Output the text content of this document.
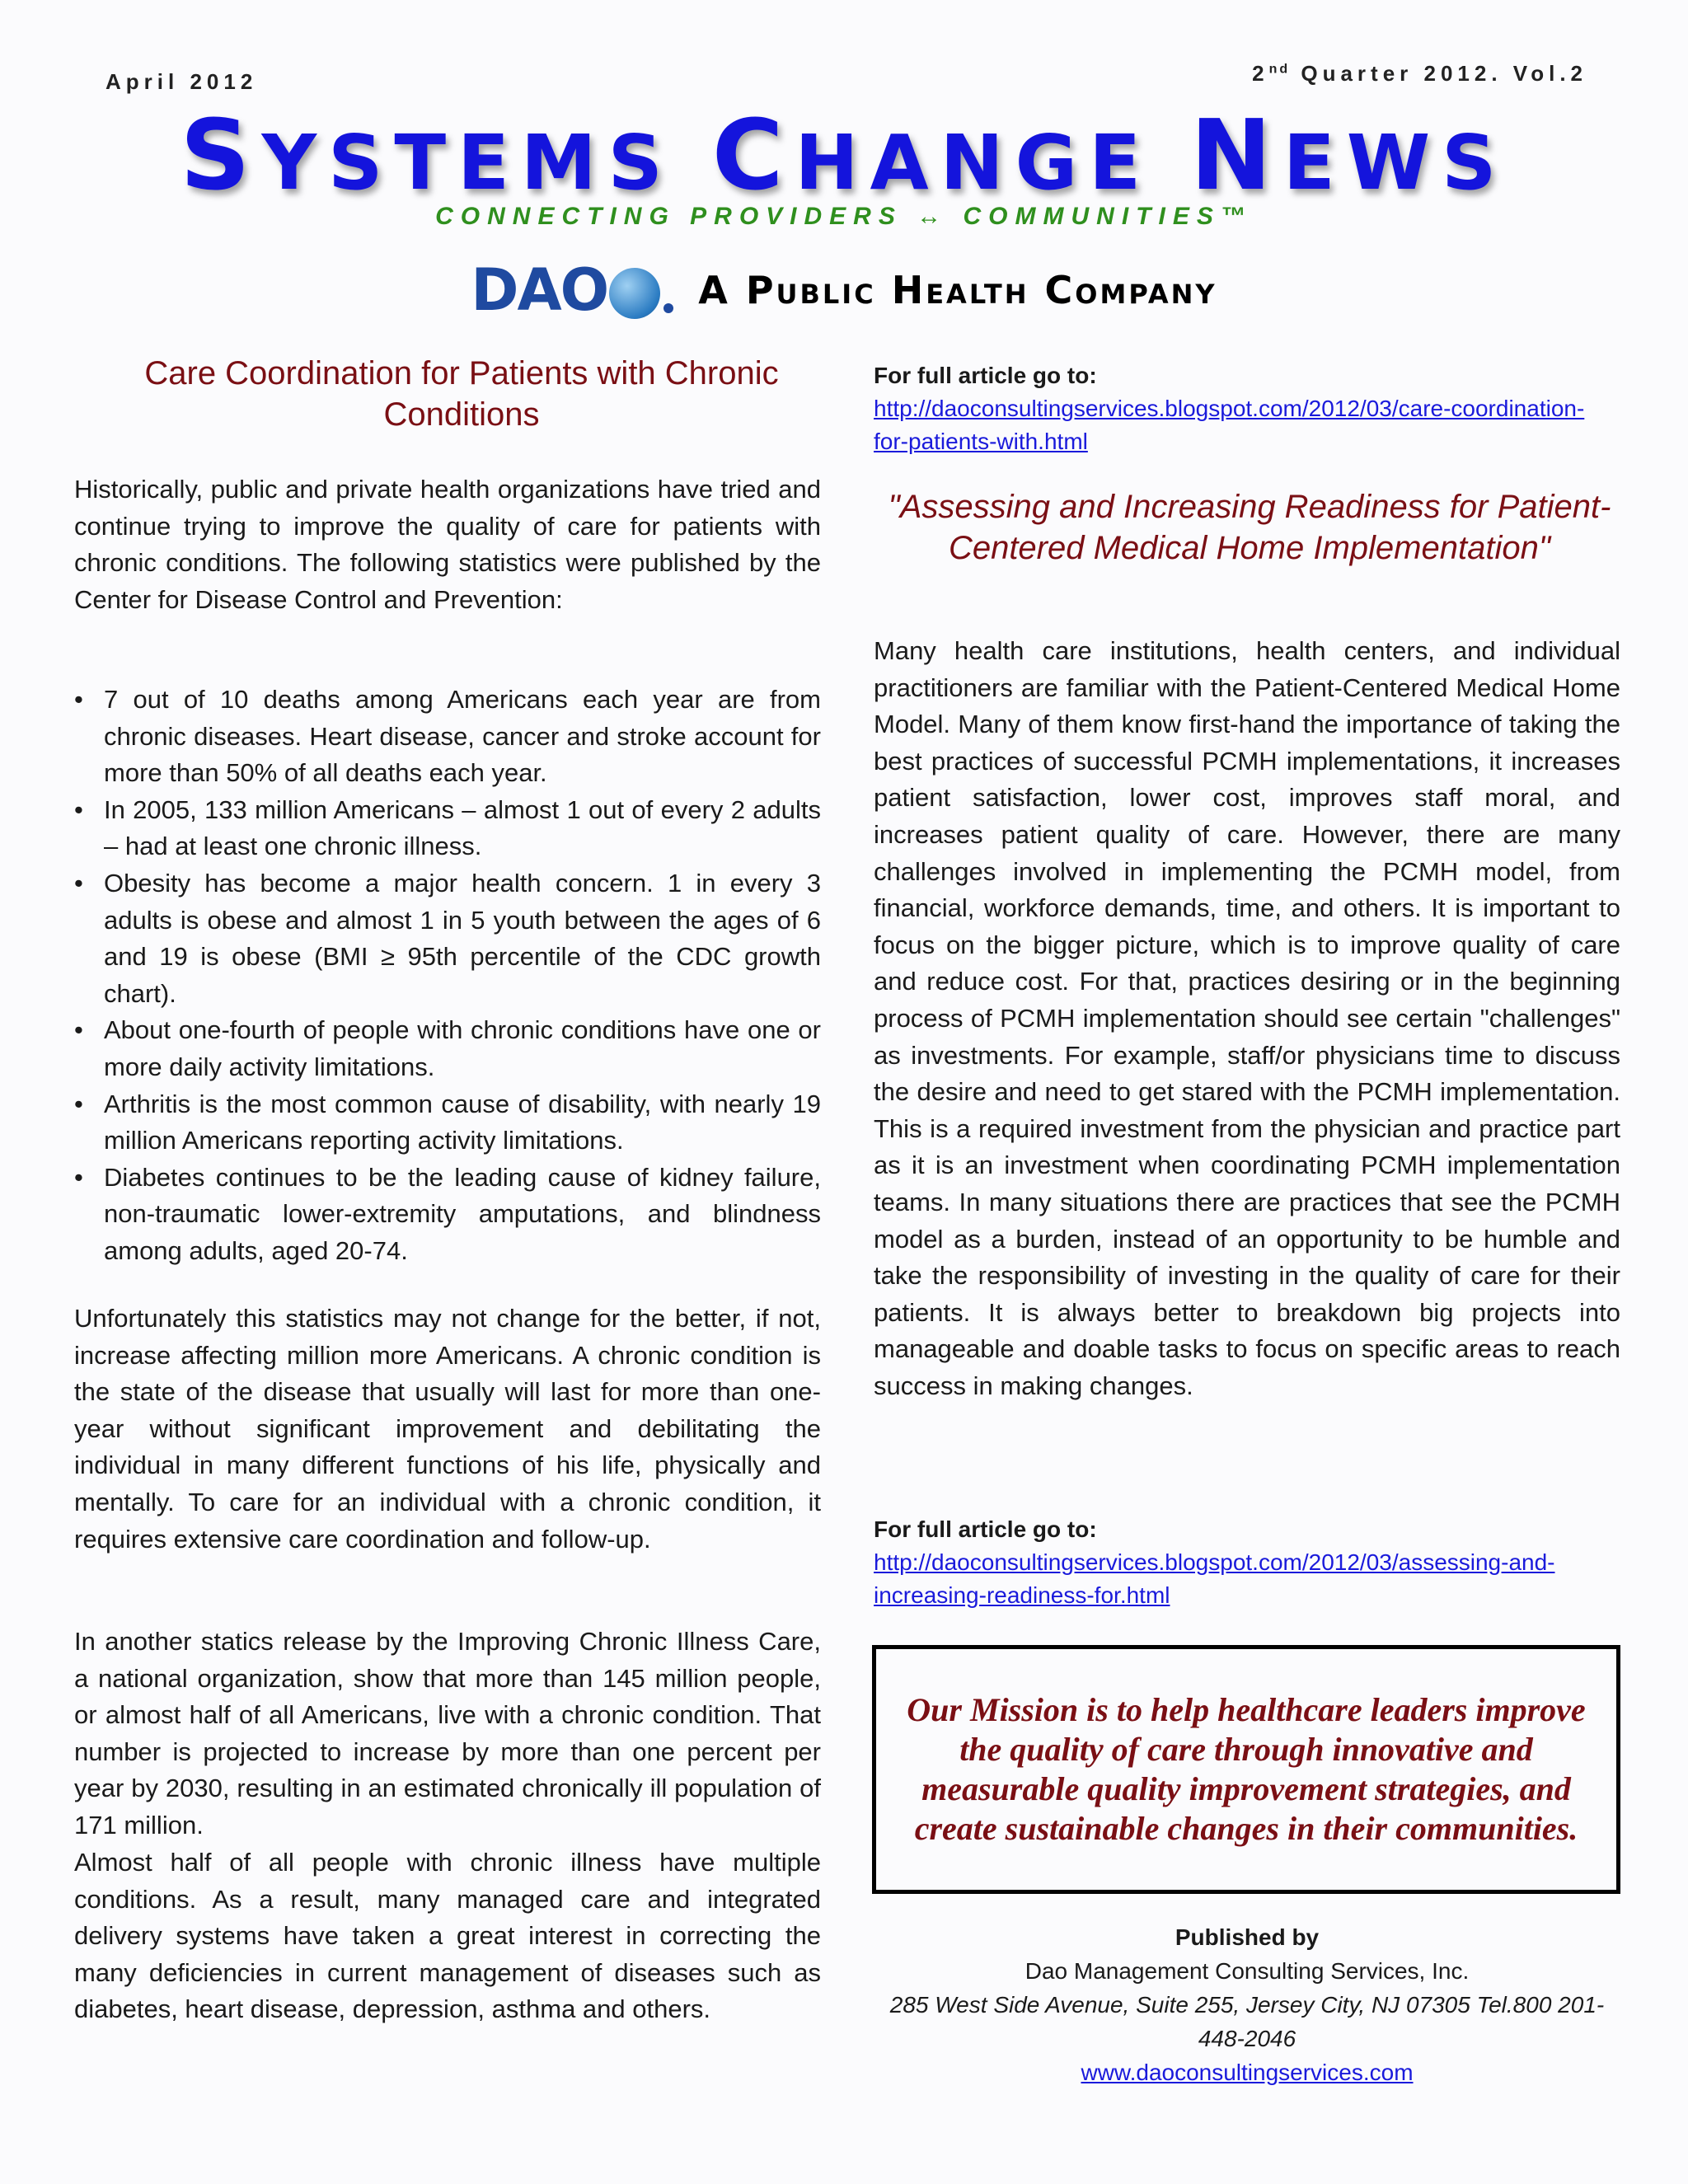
April 2012	2nd Quarter 2012. Vol.2
SYSTEMS CHANGE NEWS
CONNECTING PROVIDERS ↔ COMMUNITIES™
DAO A Public Health Company
Care Coordination for Patients with Chronic Conditions

Historically, public and private health organizations have tried and continue trying to improve the quality of care for patients with chronic conditions. The following statistics were published by the Center for Disease Control and Prevention:

• 7 out of 10 deaths among Americans each year are from chronic diseases. Heart disease, cancer and stroke account for more than 50% of all deaths each year.
• In 2005, 133 million Americans – almost 1 out of every 2 adults – had at least one chronic illness.
• Obesity has become a major health concern. 1 in every 3 adults is obese and almost 1 in 5 youth between the ages of 6 and 19 is obese (BMI ≥ 95th percentile of the CDC growth chart).
• About one-fourth of people with chronic conditions have one or more daily activity limitations.
• Arthritis is the most common cause of disability, with nearly 19 million Americans reporting activity limitations.
• Diabetes continues to be the leading cause of kidney failure, non-traumatic lower-extremity amputations, and blindness among adults, aged 20-74.

Unfortunately this statistics may not change for the better, if not, increase affecting million more Americans. A chronic condition is the state of the disease that usually will last for more than one-year without significant improvement and debilitating the individual in many different functions of his life, physically and mentally. To care for an individual with a chronic condition, it requires extensive care coordination and follow-up.

In another statics release by the Improving Chronic Illness Care, a national organization, show that more than 145 million people, or almost half of all Americans, live with a chronic condition. That number is projected to increase by more than one percent per year by 2030, resulting in an estimated chronically ill population of 171 million.

Almost half of all people with chronic illness have multiple conditions. As a result, many managed care and integrated delivery systems have taken a great interest in correcting the many deficiencies in current management of diseases such as diabetes, heart disease, depression, asthma and others.

For full article go to:
http://daoconsultingservices.blogspot.com/2012/03/care-coordination-for-patients-with.html
"Assessing and Increasing Readiness for Patient-Centered Medical Home Implementation"

Many health care institutions, health centers, and individual practitioners are familiar with the Patient-Centered Medical Home Model. Many of them know first-hand the importance of taking the best practices of successful PCMH implementations, it increases patient satisfaction, lower cost, improves staff moral, and increases patient quality of care. However, there are many challenges involved in implementing the PCMH model, from financial, workforce demands, time, and others. It is important to focus on the bigger picture, which is to improve quality of care and reduce cost. For that, practices desiring or in the beginning process of PCMH implementation should see certain "challenges" as investments. For example, staff/or physicians time to discuss the desire and need to get stared with the PCMH implementation. This is a required investment from the physician and practice part as it is an investment when coordinating PCMH implementation teams. In many situations there are practices that see the PCMH model as a burden, instead of an opportunity to be humble and take the responsibility of investing in the quality of care for their patients. It is always better to breakdown big projects into manageable and doable tasks to focus on specific areas to reach success in making changes.

For full article go to:
http://daoconsultingservices.blogspot.com/2012/03/assessing-and-increasing-readiness-for.html
Our Mission is to help healthcare leaders improve the quality of care through innovative and measurable quality improvement strategies, and create sustainable changes in their communities.
Published by
Dao Management Consulting Services, Inc.
285 West Side Avenue, Suite 255, Jersey City, NJ 07305 Tel.800 201-448-2046
www.daoconsultingservices.com
